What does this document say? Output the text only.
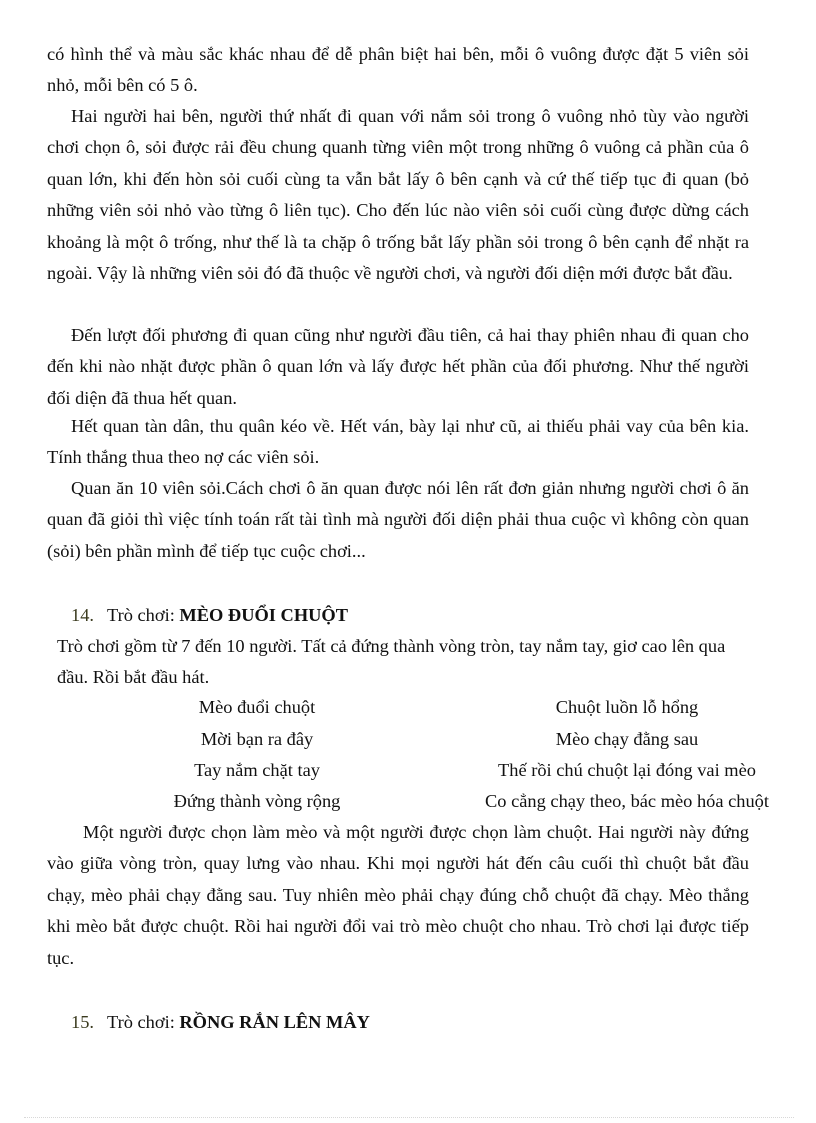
có hình thể và màu sắc khác nhau để dễ phân biệt hai bên, mỗi ô vuông được đặt 5 viên sỏi nhỏ, mỗi bên có 5 ô.

Hai người hai bên, người thứ nhất đi quan với nắm sỏi trong ô vuông nhỏ tùy vào người chơi chọn ô, sỏi được rải đều chung quanh từng viên một trong những ô vuông cả phần của ô quan lớn, khi đến hòn sỏi cuối cùng ta vẫn bắt lấy ô bên cạnh và cứ thế tiếp tục đi quan (bỏ những viên sỏi nhỏ vào từng ô liên tục). Cho đến lúc nào viên sỏi cuối cùng được dừng cách khoảng là một ô trống, như thế là ta chặp ô trống bắt lấy phần sỏi trong ô bên cạnh để nhặt ra ngoài. Vậy là những viên sỏi đó đã thuộc về người chơi, và người đối diện mới được bắt đầu.

Đến lượt đối phương đi quan cũng như người đầu tiên, cả hai thay phiên nhau đi quan cho đến khi nào nhặt được phần ô quan lớn và lấy được hết phần của đối phương. Như thế người đối diện đã thua hết quan.

Hết quan tàn dân, thu quân kéo về. Hết ván, bày lại như cũ, ai thiếu phải vay của bên kia. Tính thắng thua theo nợ các viên sỏi.

Quan ăn 10 viên sỏi.Cách chơi ô ăn quan được nói lên rất đơn giản nhưng người chơi ô ăn quan đã giỏi thì việc tính toán rất tài tình mà người đối diện phải thua cuộc vì không còn quan (sỏi) bên phần mình để tiếp tục cuộc chơi...

14. Trò chơi: MÈO ĐUỔI CHUỘT

Trò chơi gồm từ 7 đến 10 người. Tất cả đứng thành vòng tròn, tay nắm tay, giơ cao lên qua đầu. Rồi bắt đầu hát.

Mèo đuổi chuột	Chuột luồn lỗ hổng
Mời bạn ra đây	Mèo chạy đằng sau
Tay nắm chặt tay	Thế rồi chú chuột lại đóng vai mèo
Đứng thành vòng rộng	Co cẳng chạy theo, bác mèo hóa chuột

Một người được chọn làm mèo và một người được chọn làm chuột. Hai người này đứng vào giữa vòng tròn, quay lưng vào nhau. Khi mọi người hát đến câu cuối thì chuột bắt đầu chạy, mèo phải chạy đằng sau. Tuy nhiên mèo phải chạy đúng chỗ chuột đã chạy. Mèo thắng khi mèo bắt được chuột. Rồi hai người đổi vai trò mèo chuột cho nhau. Trò chơi lại được tiếp tục.

15. Trò chơi: RỒNG RẮN LÊN MÂY
